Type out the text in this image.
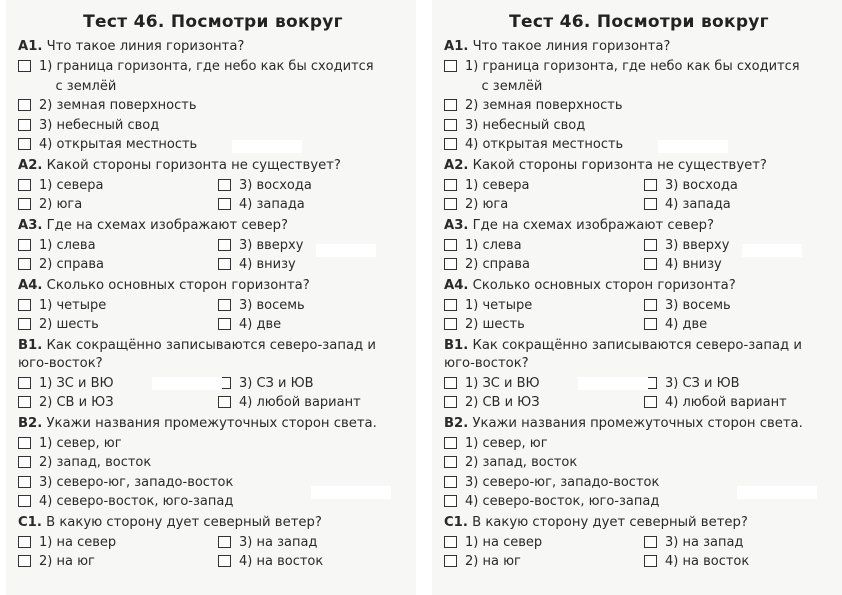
Тест 46. Посмотри вокруг
А1. Что такое линия горизонта?
1) граница горизонта, где небо как бы сходится
с землёй
2) земная поверхность
3) небесный свод
4) открытая местность
А2. Какой стороны горизонта не существует?
1) севера	3) восхода
2) юга	4) запада
А3. Где на схемах изображают север?
1) слева	3) вверху
2) справа	4) внизу
А4. Сколько основных сторон горизонта?
1) четыре	3) восемь
2) шесть	4) две
В1. Как сокращённо записываются северо-запад и юго-восток?
1) ЗС и ВЮ	3) СЗ и ЮВ
2) СВ и ЮЗ	4) любой вариант
В2. Укажи названия промежуточных сторон света.
1) север, юг
2) запад, восток
3) северо-юг, западо-восток
4) северо-восток, юго-запад
С1. В какую сторону дует северный ветер?
1) на север	3) на запад
2) на юг	4) на восток
Тест 46. Посмотри вокруг
А1. Что такое линия горизонта?
1) граница горизонта, где небо как бы сходится
с землёй
2) земная поверхность
3) небесный свод
4) открытая местность
А2. Какой стороны горизонта не существует?
1) севера	3) восхода
2) юга	4) запада
А3. Где на схемах изображают север?
1) слева	3) вверху
2) справа	4) внизу
А4. Сколько основных сторон горизонта?
1) четыре	3) восемь
2) шесть	4) две
В1. Как сокращённо записываются северо-запад и юго-восток?
1) ЗС и ВЮ	3) СЗ и ЮВ
2) СВ и ЮЗ	4) любой вариант
В2. Укажи названия промежуточных сторон света.
1) север, юг
2) запад, восток
3) северо-юг, западо-восток
4) северо-восток, юго-запад
С1. В какую сторону дует северный ветер?
1) на север	3) на запад
2) на юг	4) на восток
